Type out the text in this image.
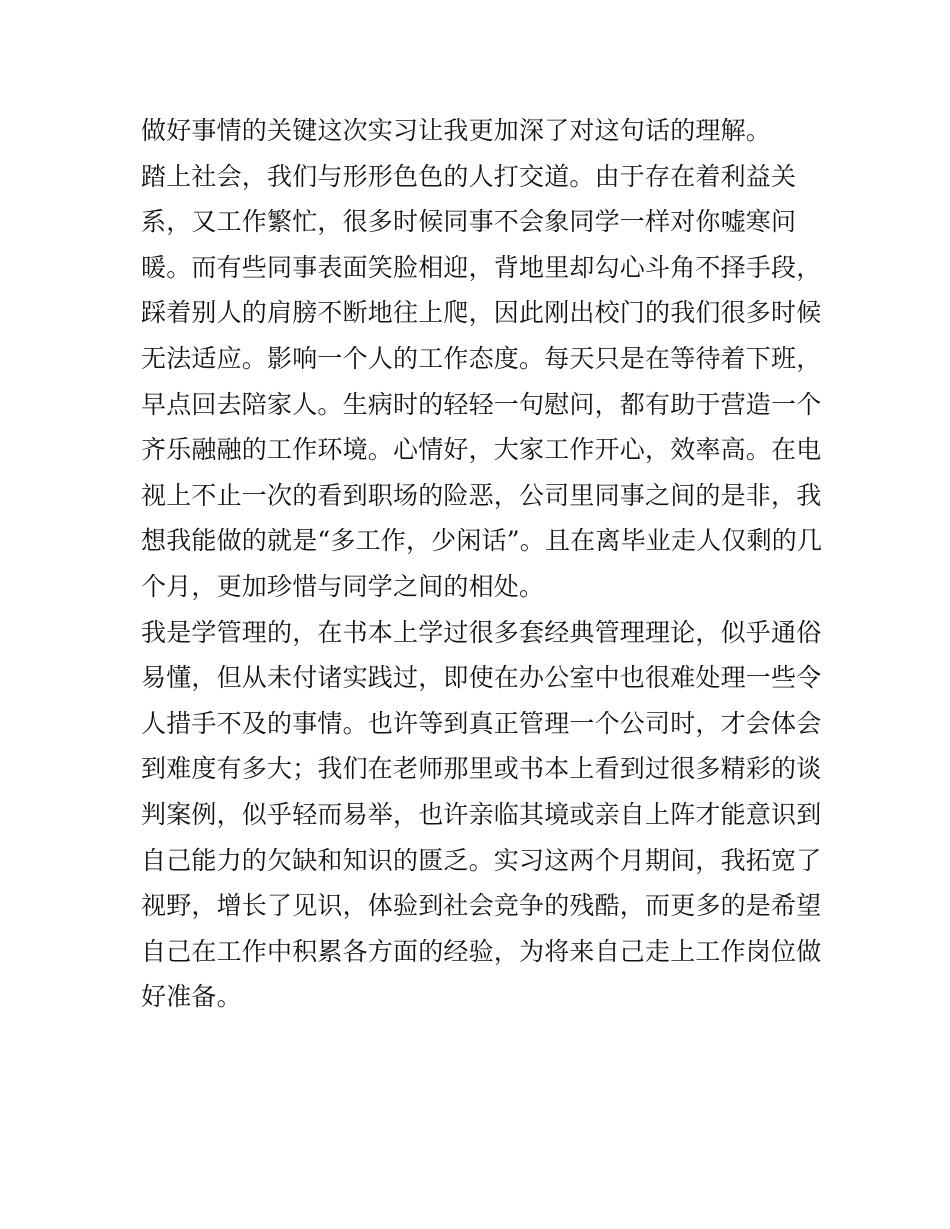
做好事情的关键这次实习让我更加深了对这句话的理解。
踏上社会，我们与形形色色的人打交道。由于存在着利益关
系，又工作繁忙，很多时候同事不会象同学一样对你嘘寒问
暖。而有些同事表面笑脸相迎，背地里却勾心斗角不择手段，
踩着别人的肩膀不断地往上爬，因此刚出校门的我们很多时候
无法适应。影响一个人的工作态度。每天只是在等待着下班，
早点回去陪家人。生病时的轻轻一句慰问，都有助于营造一个
齐乐融融的工作环境。心情好，大家工作开心，效率高。在电
视上不止一次的看到职场的险恶，公司里同事之间的是非，我
想我能做的就是“多工作，少闲话”。且在离毕业走人仅剩的几
个月，更加珍惜与同学之间的相处。
我是学管理的，在书本上学过很多套经典管理理论，似乎通俗
易懂，但从未付诸实践过，即使在办公室中也很难处理一些令
人措手不及的事情。也许等到真正管理一个公司时，才会体会
到难度有多大；我们在老师那里或书本上看到过很多精彩的谈
判案例，似乎轻而易举，也许亲临其境或亲自上阵才能意识到
自己能力的欠缺和知识的匮乏。实习这两个月期间，我拓宽了
视野，增长了见识，体验到社会竞争的残酷，而更多的是希望
自己在工作中积累各方面的经验，为将来自己走上工作岗位做
好准备。
